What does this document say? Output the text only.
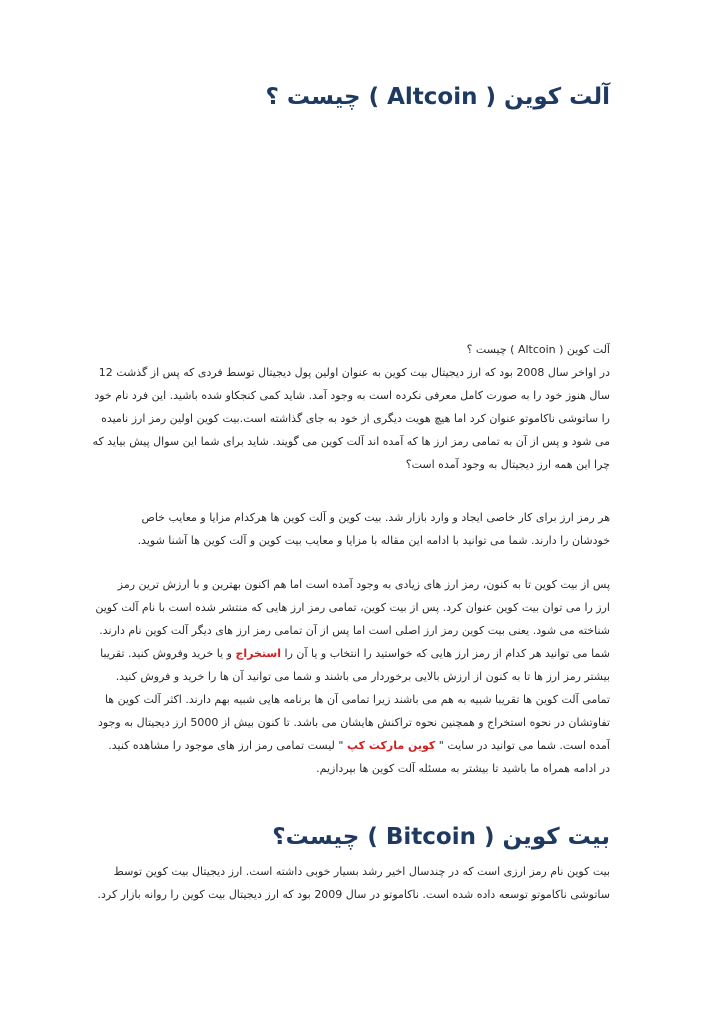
آلت کوین ( Altcoin ) چیست ؟
آلت کوین ( Altcoin ) چیست ؟
در اواخر سال 2008 بود که ارز دیجیتال بیت کوین به عنوان اولین پول دیجیتال توسط فردی که پس از گذشت 12
سال هنوز خود را به صورت کامل معرفی نکرده است به وجود آمد. شاید کمی کنجکاو شده باشید. این فرد نام خود
را ساتوشی ناکاموتو عنوان کرد اما هیچ هویت دیگری از خود به جای گذاشته است.بیت کوین اولین رمز ارز نامیده
می شود و پس از آن به تمامی رمز ارز ها که آمده اند آلت کوین می گویند. شاید برای شما این سوال پیش بیاید که
چرا این همه ارز دیجیتال به وجود آمده است؟
هر رمز ارز برای کار خاصی ایجاد و وارد بازار شد. بیت کوین و آلت کوین ها هرکدام مزایا و معایب خاص
خودشان را دارند. شما می توانید با ادامه این مقاله با مزایا و معایب بیت کوین و آلت کوین ها آشنا شوید.
پس از بیت کوین تا به کنون، رمز ارز های زیادی به وجود آمده است اما هم اکنون بهترین و با ارزش ترین رمز
ارز را می توان بیت کوین عنوان کرد. پس از بیت کوین، تمامی رمز ارز هایی که منتشر شده است با نام آلت کوین
شناخته می شود. یعنی بیت کوین رمز ارز اصلی است اما پس از آن تمامی رمز ارز های دیگر آلت کوین نام دارند.
شما می توانید هر کدام از رمز ارز هایی که خواستید را انتخاب و یا آن را استخراج و یا خرید وفروش کنید. تقریبا
بیشتر رمز ارز ها تا به کنون از ارزش بالایی برخوردار می باشند و شما می توانید آن ها را خرید و فروش کنید.
تمامی آلت کوین ها تقریبا شبیه به هم می باشند زیرا تمامی آن ها برنامه هایی شبیه بهم دارند. اکثر آلت کوین ها
تفاوتشان در نحوه استخراج و همچنین نحوه تراکنش هایشان می باشد. تا کنون بیش از 5000 ارز دیجیتال به وجود
آمده است. شما می توانید در سایت " کوین مارکت کپ " لیست تمامی رمز ارز های موجود را مشاهده کنید.
در ادامه همراه ما باشید تا بیشتر به مسئله آلت کوین ها بپردازیم.
بیت کوین ( Bitcoin ) چیست؟
بیت کوین نام رمز ارزی است که در چندسال اخیر رشد بسیار خوبی داشته است. ارز دیجیتال بیت کوین توسط
ساتوشی ناکاموتو توسعه داده شده است. ناکاموتو در سال 2009 بود که ارز دیجیتال بیت کوین را روانه بازار کرد.
